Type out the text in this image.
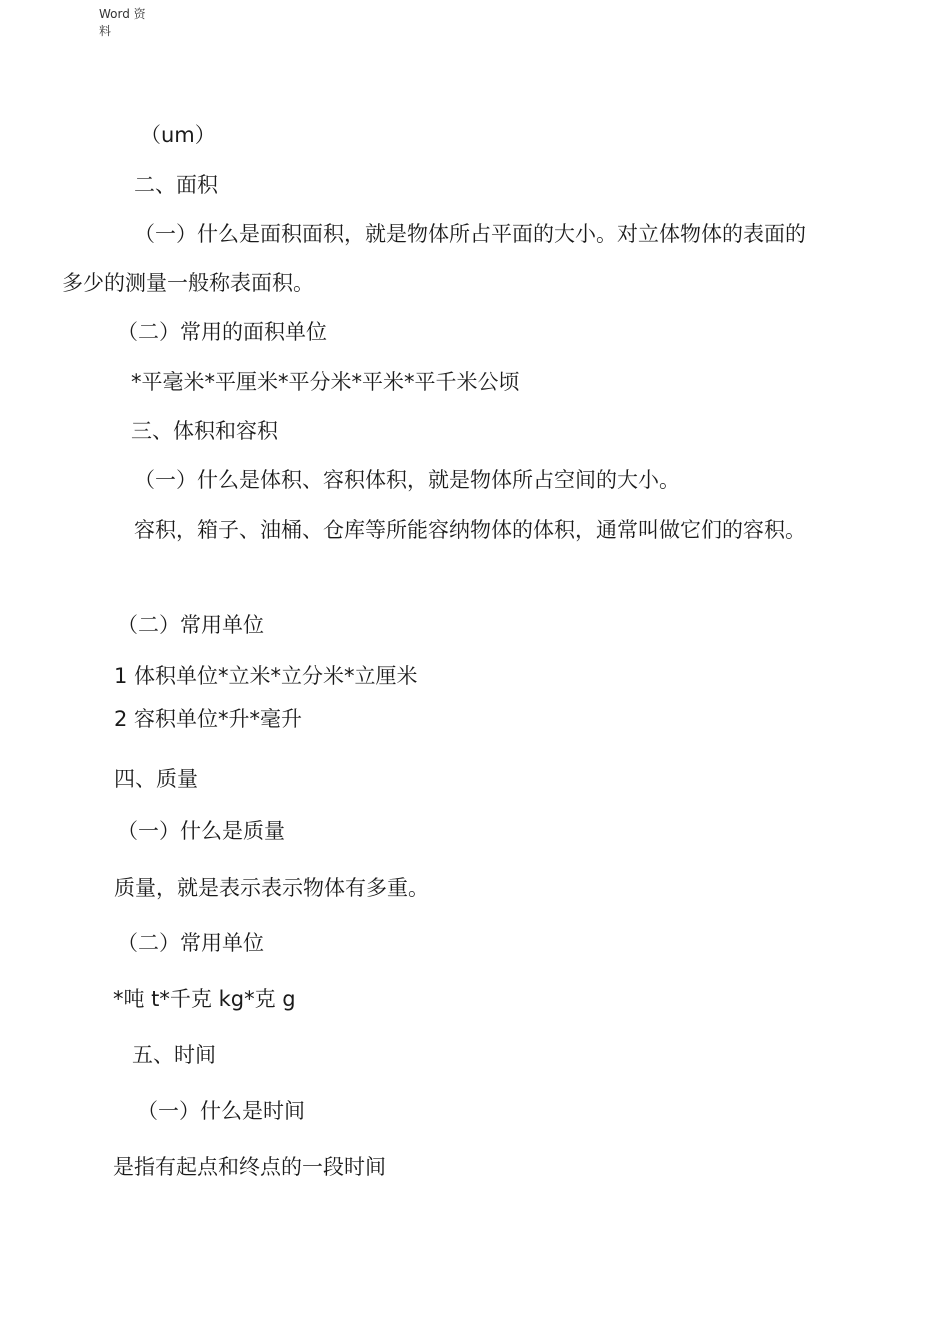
Word 资料
（um）
二、面积
（一）什么是面积面积，就是物体所占平面的大小。对立体物体的表面的
多少的测量一般称表面积。
（二）常用的面积单位
*平毫米*平厘米*平分米*平米*平千米公顷
三、体积和容积
（一）什么是体积、容积体积，就是物体所占空间的大小。
容积，箱子、油桶、仓库等所能容纳物体的体积，通常叫做它们的容积。
（二）常用单位
1 体积单位*立米*立分米*立厘米
2 容积单位*升*毫升
四、质量
（一）什么是质量
质量，就是表示表示物体有多重。
（二）常用单位
*吨 t*千克 kg*克 g
五、时间
（一）什么是时间
是指有起点和终点的一段时间
